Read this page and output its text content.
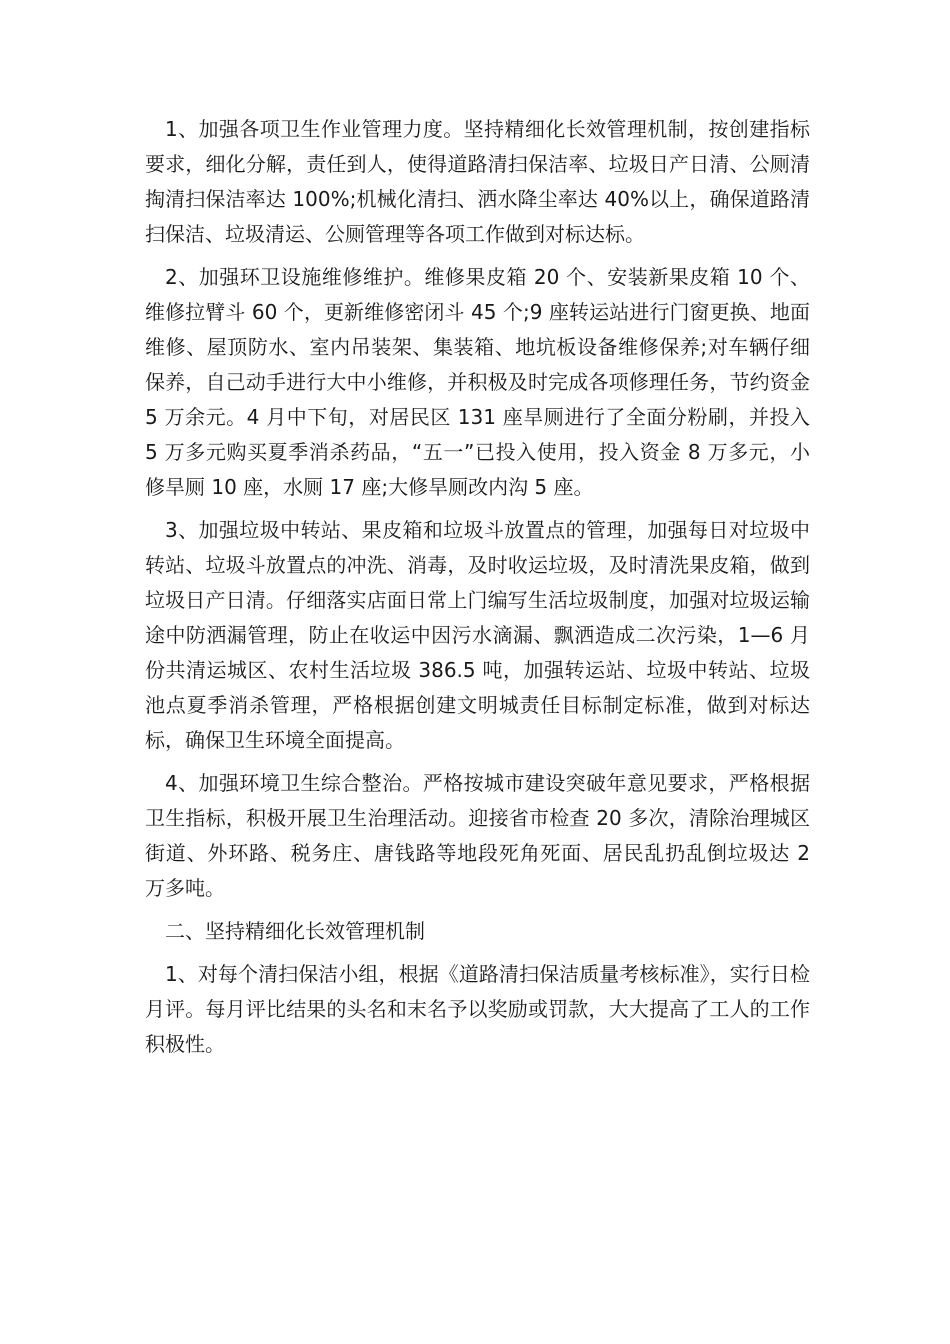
1、加强各项卫生作业管理力度。坚持精细化长效管理机制，按创建指标要求，细化分解，责任到人，使得道路清扫保洁率、垃圾日产日清、公厕清掏清扫保洁率达 100%;机械化清扫、洒水降尘率达 40%以上，确保道路清扫保洁、垃圾清运、公厕管理等各项工作做到对标达标。

2、加强环卫设施维修维护。维修果皮箱 20 个、安装新果皮箱 10 个、维修拉臂斗 60 个，更新维修密闭斗 45 个;9 座转运站进行门窗更换、地面维修、屋顶防水、室内吊装架、集装箱、地坑板设备维修保养;对车辆仔细保养，自己动手进行大中小维修，并积极及时完成各项修理任务，节约资金 5 万余元。4 月中下旬，对居民区 131 座旱厕进行了全面分粉刷，并投入 5 万多元购买夏季消杀药品，“五一”已投入使用，投入资金 8 万多元，小修旱厕 10 座，水厕 17 座;大修旱厕改内沟 5 座。

3、加强垃圾中转站、果皮箱和垃圾斗放置点的管理，加强每日对垃圾中转站、垃圾斗放置点的冲洗、消毒，及时收运垃圾，及时清洗果皮箱，做到垃圾日产日清。仔细落实店面日常上门编写生活垃圾制度，加强对垃圾运输途中防洒漏管理，防止在收运中因污水滴漏、飘洒造成二次污染，1—6 月份共清运城区、农村生活垃圾 386.5 吨，加强转运站、垃圾中转站、垃圾池点夏季消杀管理，严格根据创建文明城责任目标制定标准，做到对标达标，确保卫生环境全面提高。

4、加强环境卫生综合整治。严格按城市建设突破年意见要求，严格根据卫生指标，积极开展卫生治理活动。迎接省市检查 20 多次，清除治理城区街道、外环路、税务庄、唐钱路等地段死角死面、居民乱扔乱倒垃圾达 2 万多吨。

二、坚持精细化长效管理机制

1、对每个清扫保洁小组，根据《道路清扫保洁质量考核标准》，实行日检月评。每月评比结果的头名和末名予以奖励或罚款，大大提高了工人的工作积极性。
